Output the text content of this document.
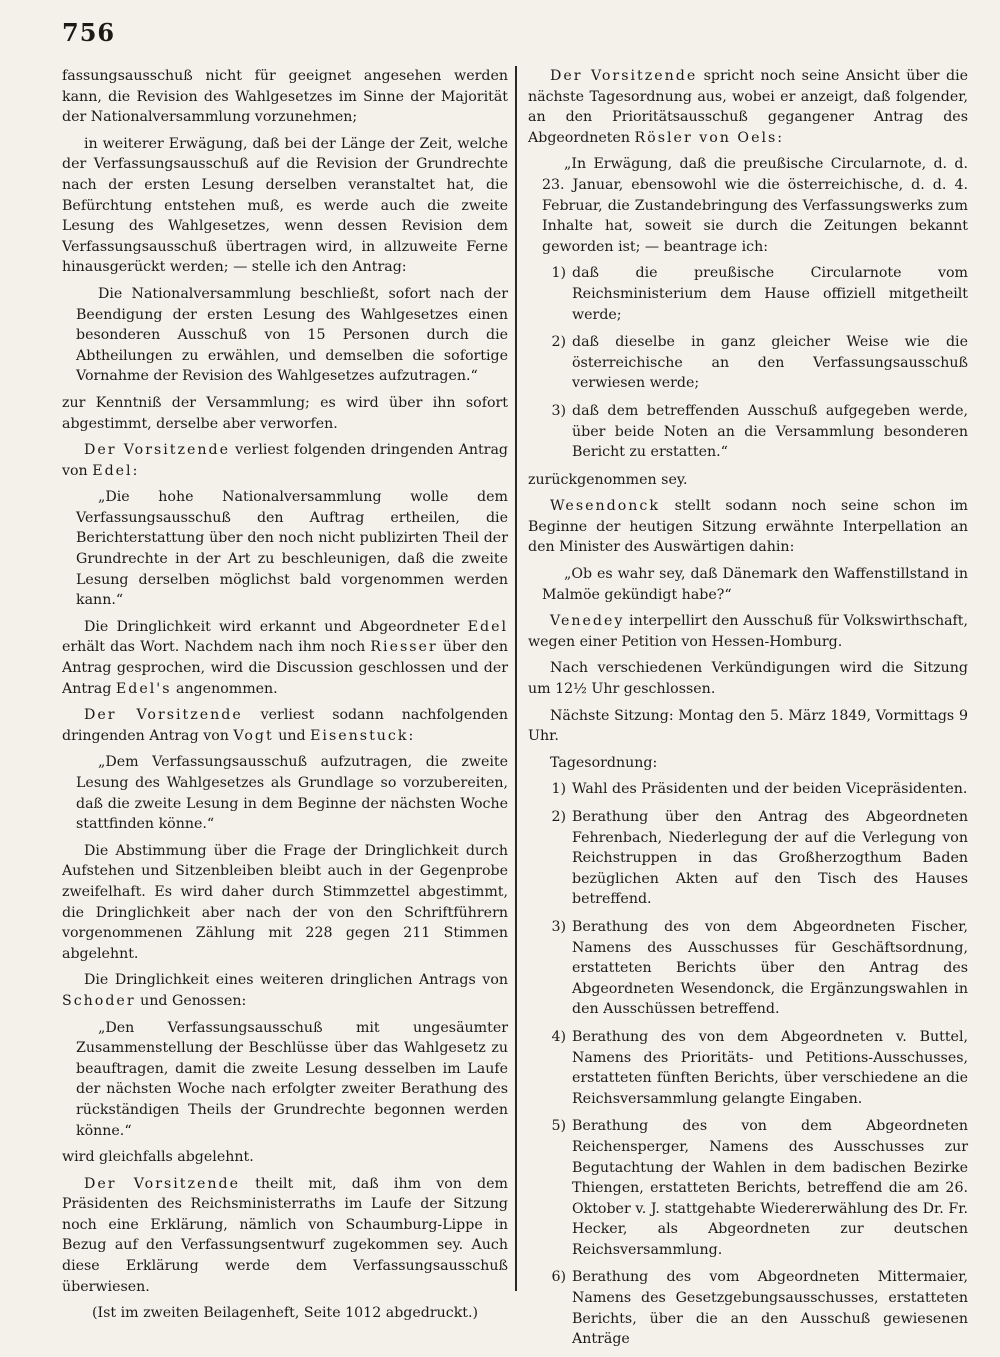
756

fassungsausschuß nicht für geeignet angesehen werden kann, die Revision des Wahlgesetzes im Sinne der Majorität der Nationalversammlung vorzunehmen;

in weiterer Erwägung, daß bei der Länge der Zeit, welche der Verfassungsausschuß auf die Revision der Grundrechte nach der ersten Lesung derselben veranstaltet hat, die Befürchtung entstehen muß, es werde auch die zweite Lesung des Wahlgesetzes, wenn dessen Revision dem Verfassungsausschuß übertragen wird, in allzuweite Ferne hinausgerückt werden; — stelle ich den Antrag:

Die Nationalversammlung beschließt, sofort nach der Beendigung der ersten Lesung des Wahlgesetzes einen besonderen Ausschuß von 15 Personen durch die Abtheilungen zu erwählen, und demselben die sofortige Vornahme der Revision des Wahlgesetzes aufzutragen.“

zur Kenntniß der Versammlung; es wird über ihn sofort abgestimmt, derselbe aber verworfen.

Der Vorsitzende verliest folgenden dringenden Antrag von Edel:

„Die hohe Nationalversammlung wolle dem Verfassungsausschuß den Auftrag ertheilen, die Berichterstattung über den noch nicht publizirten Theil der Grundrechte in der Art zu beschleunigen, daß die zweite Lesung derselben möglichst bald vorgenommen werden kann.“

Die Dringlichkeit wird erkannt und Abgeordneter Edel erhält das Wort. Nachdem nach ihm noch Riesser über den Antrag gesprochen, wird die Discussion geschlossen und der Antrag Edel's angenommen.

Der Vorsitzende verliest sodann nachfolgenden dringenden Antrag von Vogt und Eisenstuck:

„Dem Verfassungsausschuß aufzutragen, die zweite Lesung des Wahlgesetzes als Grundlage so vorzubereiten, daß die zweite Lesung in dem Beginne der nächsten Woche stattfinden könne.“

Die Abstimmung über die Frage der Dringlichkeit durch Aufstehen und Sitzenbleiben bleibt auch in der Gegenprobe zweifelhaft. Es wird daher durch Stimmzettel abgestimmt, die Dringlichkeit aber nach der von den Schriftführern vorgenommenen Zählung mit 228 gegen 211 Stimmen abgelehnt.

Die Dringlichkeit eines weiteren dringlichen Antrags von Schoder und Genossen:

„Den Verfassungsausschuß mit ungesäumter Zusammenstellung der Beschlüsse über das Wahlgesetz zu beauftragen, damit die zweite Lesung desselben im Laufe der nächsten Woche nach erfolgter zweiter Berathung des rückständigen Theils der Grundrechte begonnen werden könne.“

wird gleichfalls abgelehnt.

Der Vorsitzende theilt mit, daß ihm von dem Präsidenten des Reichsministerraths im Laufe der Sitzung noch eine Erklärung, nämlich von Schaumburg-Lippe in Bezug auf den Verfassungsentwurf zugekommen sey. Auch diese Erklärung werde dem Verfassungsausschuß überwiesen.

(Ist im zweiten Beilagenheft, Seite 1012 abgedruckt.)

Der Vorsitzende spricht noch seine Ansicht über die nächste Tagesordnung aus, wobei er anzeigt, daß folgender, an den Prioritätsausschuß gegangener Antrag des Abgeordneten Rösler von Oels:

„In Erwägung, daß die preußische Circularnote, d. d. 23. Januar, ebensowohl wie die österreichische, d. d. 4. Februar, die Zustandebringung des Verfassungswerks zum Inhalte hat, soweit sie durch die Zeitungen bekannt geworden ist; — beantrage ich:

1) daß die preußische Circularnote vom Reichsministerium dem Hause offiziell mitgetheilt werde;
2) daß dieselbe in ganz gleicher Weise wie die österreichische an den Verfassungsausschuß verwiesen werde;
3) daß dem betreffenden Ausschuß aufgegeben werde, über beide Noten an die Versammlung besonderen Bericht zu erstatten.“

zurückgenommen sey.

Wesendonck stellt sodann noch seine schon im Beginne der heutigen Sitzung erwähnte Interpellation an den Minister des Auswärtigen dahin:

„Ob es wahr sey, daß Dänemark den Waffenstillstand in Malmöe gekündigt habe?“

Venedey interpellirt den Ausschuß für Volkswirthschaft, wegen einer Petition von Hessen-Homburg.

Nach verschiedenen Verkündigungen wird die Sitzung um 12½ Uhr geschlossen.

Nächste Sitzung: Montag den 5. März 1849, Vormittags 9 Uhr.

Tagesordnung:

1) Wahl des Präsidenten und der beiden Vicepräsidenten.
2) Berathung über den Antrag des Abgeordneten Fehrenbach, Niederlegung der auf die Verlegung von Reichstruppen in das Großherzogthum Baden bezüglichen Akten auf den Tisch des Hauses betreffend.
3) Berathung des von dem Abgeordneten Fischer, Namens des Ausschusses für Geschäftsordnung, erstatteten Berichts über den Antrag des Abgeordneten Wesendonck, die Ergänzungswahlen in den Ausschüssen betreffend.
4) Berathung des von dem Abgeordneten v. Buttel, Namens des Prioritäts- und Petitions-Ausschusses, erstatteten fünften Berichts, über verschiedene an die Reichsversammlung gelangte Eingaben.
5) Berathung des von dem Abgeordneten Reichensperger, Namens des Ausschusses zur Begutachtung der Wahlen in dem badischen Bezirke Thiengen, erstatteten Berichts, betreffend die am 26. Oktober v. J. stattgehabte Wiedererwählung des Dr. Fr. Hecker, als Abgeordneten zur deutschen Reichsversammlung.
6) Berathung des vom Abgeordneten Mittermaier, Namens des Gesetzgebungsausschusses, erstatteten Berichts, über die an den Ausschuß gewiesenen Anträge
